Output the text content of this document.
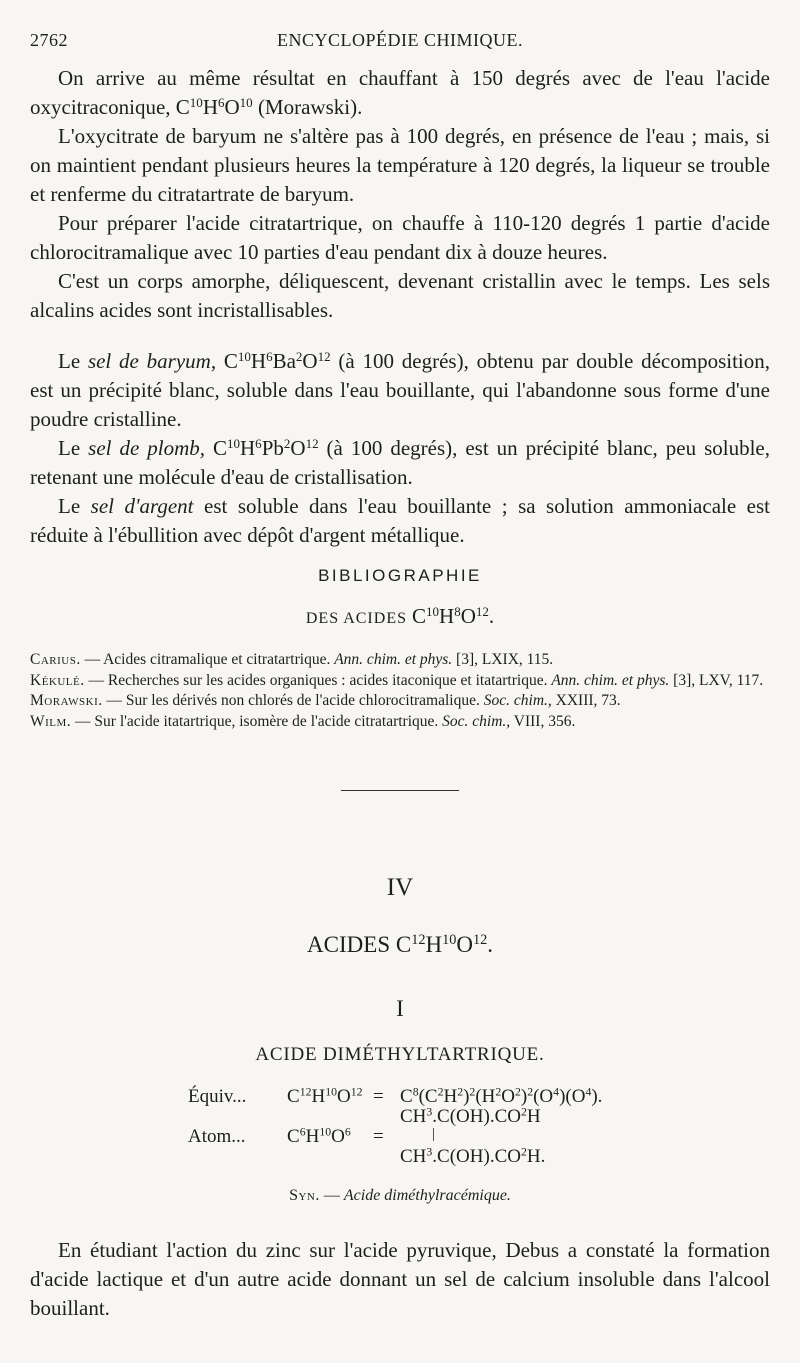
2762	ENCYCLOPÉDIE CHIMIQUE.

On arrive au même résultat en chauffant à 150 degrés avec de l'eau l'acide oxycitraconique, $C^{10}H^6O^{10}$ (Morawski).

L'oxycitrate de baryum ne s'altère pas à 100 degrés, en présence de l'eau ; mais, si on maintient pendant plusieurs heures la température à 120 degrés, la liqueur se trouble et renferme du citratartrate de baryum.

Pour préparer l'acide citratartrique, on chauffe à 110-120 degrés 1 partie d'acide chlorocitramalique avec 10 parties d'eau pendant dix à douze heures.

C'est un corps amorphe, déliquescent, devenant cristallin avec le temps. Les sels alcalins acides sont incristallisables.

Le sel de baryum, $C^{10}H^6Ba^2O^{12}$ (à 100 degrés), obtenu par double décomposition, est un précipité blanc, soluble dans l'eau bouillante, qui l'abandonne sous forme d'une poudre cristalline.

Le sel de plomb, $C^{10}H^6Pb^2O^{12}$ (à 100 degrés), est un précipité blanc, peu soluble, retenant une molécule d'eau de cristallisation.

Le sel d'argent est soluble dans l'eau bouillante ; sa solution ammoniacale est réduite à l'ébullition avec dépôt d'argent métallique.

BIBLIOGRAPHIE
DES ACIDES $C^{10}H^8O^{12}$.

Carius. — Acides citramalique et citratartrique. Ann. chim. et phys. [3], LXIX, 115.

Kékulé. — Recherches sur les acides organiques : acides itaconique et itatartrique. Ann. chim. et phys. [3], LXV, 117.

Morawski. — Sur les dérivés non chlorés de l'acide chlorocitramalique. Soc. chim., XXIII, 73.

Wilm. — Sur l'acide itatartrique, isomère de l'acide citratartrique. Soc. chim., VIII, 356.

IV
ACIDES $C^{12}H^{10}O^{12}$.
I
ACIDE DIMÉTHYLTARTRIQUE.
Équiv... $C^{12}H^{10}O^{12} = C^8(C^2H^2)^2(H^2O^2)^2(O^4)(O^4)$.
$CH^3.C(OH).CO^2H$
Atom... $C^6H^{10}O^6$ =	|
$CH^3.C(OH).CO^2H$.
Syn. — Acide diméthylracémique.

En étudiant l'action du zinc sur l'acide pyruvique, Debus a constaté la formation d'acide lactique et d'un autre acide donnant un sel de calcium insoluble dans l'alcool bouillant.
